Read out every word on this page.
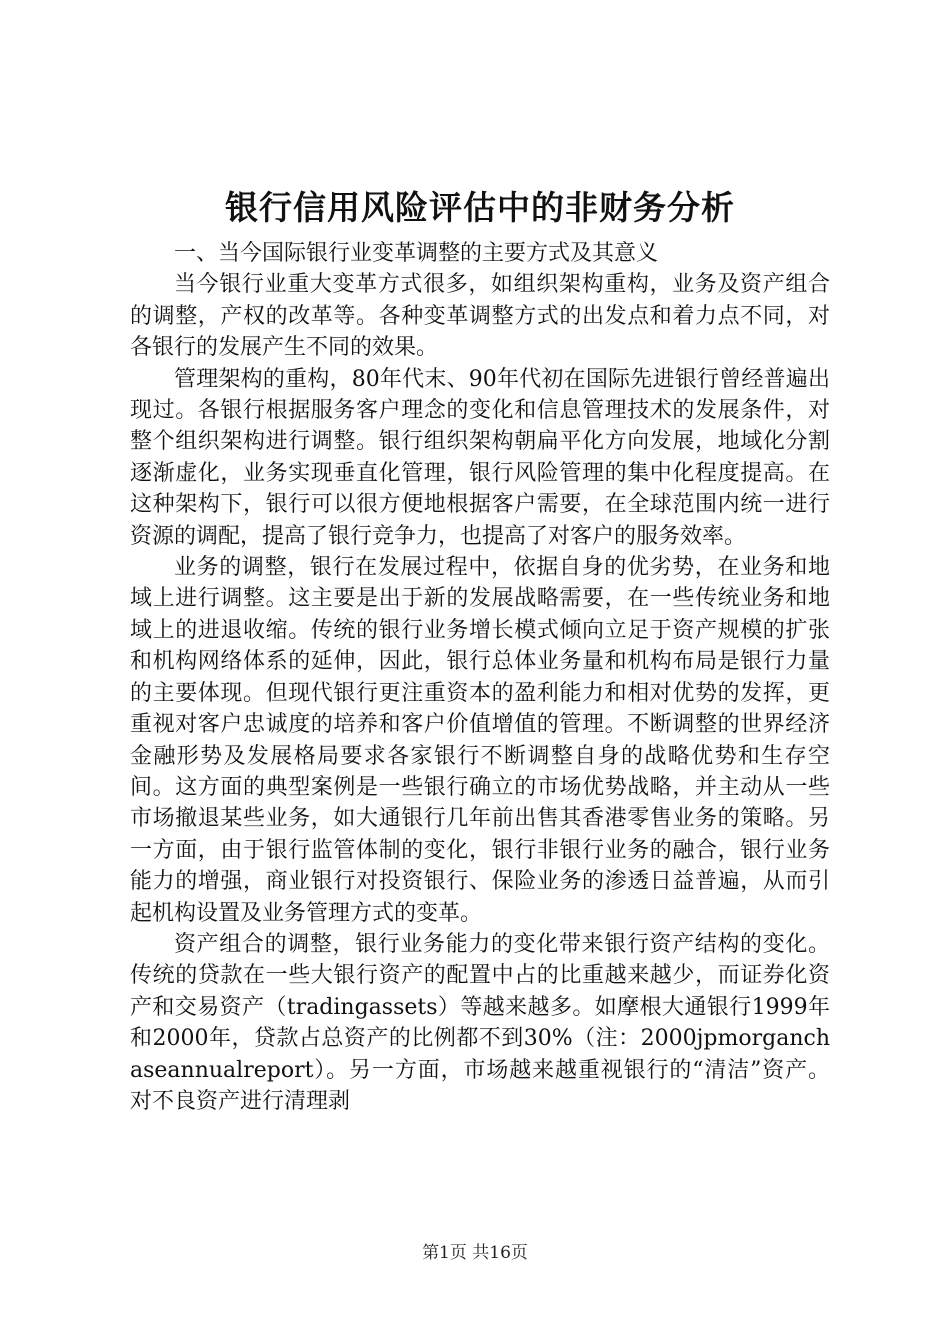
银行信用风险评估中的非财务分析

一、当今国际银行业变革调整的主要方式及其意义

当今银行业重大变革方式很多，如组织架构重构，业务及资产组合的调整，产权的改革等。各种变革调整方式的出发点和着力点不同，对各银行的发展产生不同的效果。

管理架构的重构，80年代末、90年代初在国际先进银行曾经普遍出现过。各银行根据服务客户理念的变化和信息管理技术的发展条件，对整个组织架构进行调整。银行组织架构朝扁平化方向发展，地域化分割逐渐虚化，业务实现垂直化管理，银行风险管理的集中化程度提高。在这种架构下，银行可以很方便地根据客户需要，在全球范围内统一进行资源的调配，提高了银行竞争力，也提高了对客户的服务效率。

业务的调整，银行在发展过程中，依据自身的优劣势，在业务和地域上进行调整。这主要是出于新的发展战略需要，在一些传统业务和地域上的进退收缩。传统的银行业务增长模式倾向立足于资产规模的扩张和机构网络体系的延伸，因此，银行总体业务量和机构布局是银行力量的主要体现。但现代银行更注重资本的盈利能力和相对优势的发挥，更重视对客户忠诚度的培养和客户价值增值的管理。不断调整的世界经济金融形势及发展格局要求各家银行不断调整自身的战略优势和生存空间。这方面的典型案例是一些银行确立的市场优势战略，并主动从一些市场撤退某些业务，如大通银行几年前出售其香港零售业务的策略。另一方面，由于银行监管体制的变化，银行非银行业务的融合，银行业务能力的增强，商业银行对投资银行、保险业务的渗透日益普遍，从而引起机构设置及业务管理方式的变革。

资产组合的调整，银行业务能力的变化带来银行资产结构的变化。传统的贷款在一些大银行资产的配置中占的比重越来越少，而证券化资产和交易资产（tradingassets）等越来越多。如摩根大通银行1999年和2000年，贷款占总资产的比例都不到30%（注：2000jpmorganchaseannualreport）。另一方面，市场越来越重视银行的“清洁”资产。对不良资产进行清理剥

第1页 共16页
